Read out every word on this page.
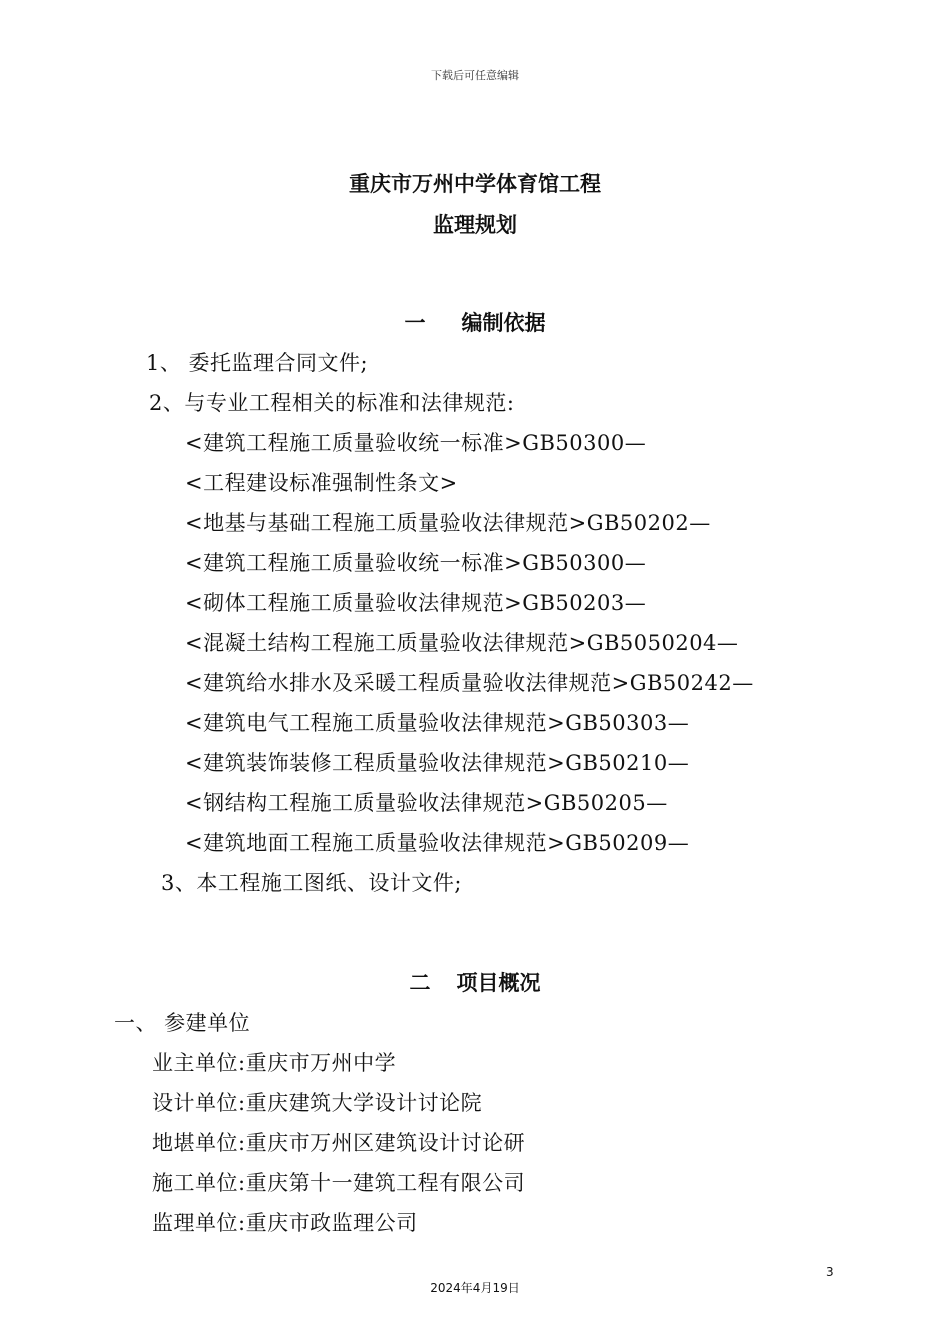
下载后可任意编辑
重庆市万州中学体育馆工程
监理规划
一 编制依据
1、 委托监理合同文件;
2、与专业工程相关的标准和法律规范:
<建筑工程施工质量验收统一标准>GB50300—
<工程建设标准强制性条文>
<地基与基础工程施工质量验收法律规范>GB50202—
<建筑工程施工质量验收统一标准>GB50300—
<砌体工程施工质量验收法律规范>GB50203—
<混凝土结构工程施工质量验收法律规范>GB5050204—
<建筑给水排水及采暖工程质量验收法律规范>GB50242—
<建筑电气工程施工质量验收法律规范>GB50303—
<建筑装饰装修工程质量验收法律规范>GB50210—
<钢结构工程施工质量验收法律规范>GB50205—
<建筑地面工程施工质量验收法律规范>GB50209—
3、本工程施工图纸、设计文件;
二 项目概况
一、 参建单位
业主单位:重庆市万州中学
设计单位:重庆建筑大学设计讨论院
地堪单位:重庆市万州区建筑设计讨论研
施工单位:重庆第十一建筑工程有限公司
监理单位:重庆市政监理公司
3
2024年4月19日
